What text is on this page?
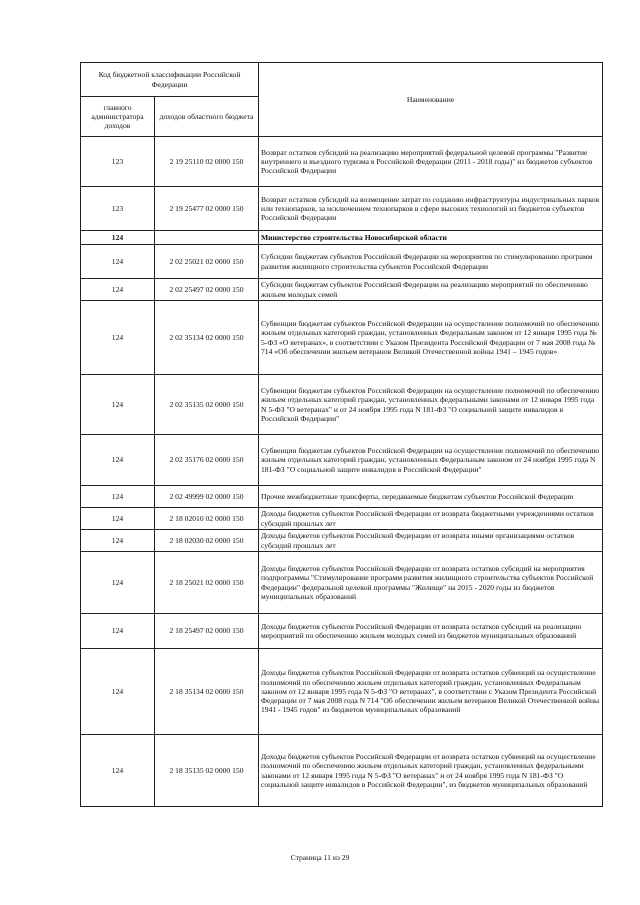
Код бюджетной классификации Российской Федерации		Наименование
главного администратора доходов	доходов областного бюджета	
123	2 19 25110 02 0000 150	Возврат остатков субсидий на реализацию мероприятий федеральной целевой программы "Развитие внутреннего и въездного туризма в Российской Федерации (2011 - 2018 годы)" из бюджетов субъектов Российской Федерации
123	2 19 25477 02 0000 150	Возврат остатков субсидий на возмещение затрат по созданию инфраструктуры индустриальных парков или технопарков, за исключением технопарков в сфере высоких технологий из бюджетов субъектов Российской Федерации
124		Министерство строительства Новосибирской области
124	2 02 25021 02 0000 150	Субсидии бюджетам субъектов Российской Федерации на мероприятия по стимулированию программ развития жилищного строительства субъектов Российской Федерации
124	2 02 25497 02 0000 150	Субсидии бюджетам субъектов Российской Федерации на реализацию мероприятий по обеспечению жильем молодых семей
124	2 02 35134 02 0000 150	Субвенции бюджетам субъектов Российской Федерации на осуществление полномочий по обеспечению жильем отдельных категорий граждан, установленных Федеральным законом от 12 января 1995 года № 5-ФЗ «О ветеранах», в соответствии с Указом Президента Российской Федерации от 7 мая 2008 года № 714 «Об обеспечении жильем ветеранов Великой Отечественной войны 1941 – 1945 годов»
124	2 02 35135 02 0000 150	Субвенции бюджетам субъектов Российской Федерации на осуществление полномочий по обеспечению жильем отдельных категорий граждан, установленных федеральными законами от 12 января 1995 года N 5-ФЗ "О ветеранах" и от 24 ноября 1995 года N 181-ФЗ "О социальной защите инвалидов в Российской Федерации"
124	2 02 35176 02 0000 150	Субвенции бюджетам субъектов Российской Федерации на осуществление полномочий по обеспечению жильем отдельных категорий граждан, установленных Федеральным законом от 24 ноября 1995 года N 181-ФЗ "О социальной защите инвалидов в Российской Федерации"
124	2 02 49999 02 0000 150	Прочие межбюджетные трансферты, передаваемые бюджетам субъектов Российской Федерации
124	2 18 02010 02 0000 150	Доходы бюджетов субъектов Российской Федерации от возврата бюджетными учреждениями остатков субсидий прошлых лет
124	2 18 02030 02 0000 150	Доходы бюджетов субъектов Российской Федерации от возврата иными организациями остатков субсидий прошлых лет
124	2 18 25021 02 0000 150	Доходы бюджетов субъектов Российской Федерации от возврата остатков субсидий на мероприятия подпрограммы "Стимулирование программ развития жилищного строительства субъектов Российской Федерации" федеральной целевой программы "Жилище" на 2015 - 2020 годы из бюджетов муниципальных образований
124	2 18 25497 02 0000 150	Доходы бюджетов субъектов Российской Федерации от возврата остатков субсидий на реализацию мероприятий по обеспечению жильем молодых семей из бюджетов муниципальных образований
124	2 18 35134 02 0000 150	Доходы бюджетов субъектов Российской Федерации от возврата остатков субвенций на осуществление полномочий по обеспечению жильем отдельных категорий граждан, установленных Федеральным законом от 12 января 1995 года N 5-ФЗ "О ветеранах", в соответствии с Указом Президента Российской Федерации от 7 мая 2008 года N 714 "Об обеспечении жильем ветеранов Великой Отечественной войны 1941 - 1945 годов" из бюджетов муниципальных образований
124	2 18 35135 02 0000 150	Доходы бюджетов субъектов Российской Федерации от возврата остатков субвенций на осуществление полномочий по обеспечению жильем отдельных категорий граждан, установленных федеральными законами от 12 января 1995 года N 5-ФЗ "О ветеранах" и от 24 ноября 1995 года N 181-ФЗ "О социальной защите инвалидов в Российской Федерации", из бюджетов муниципальных образований
Страница 11 из 29
